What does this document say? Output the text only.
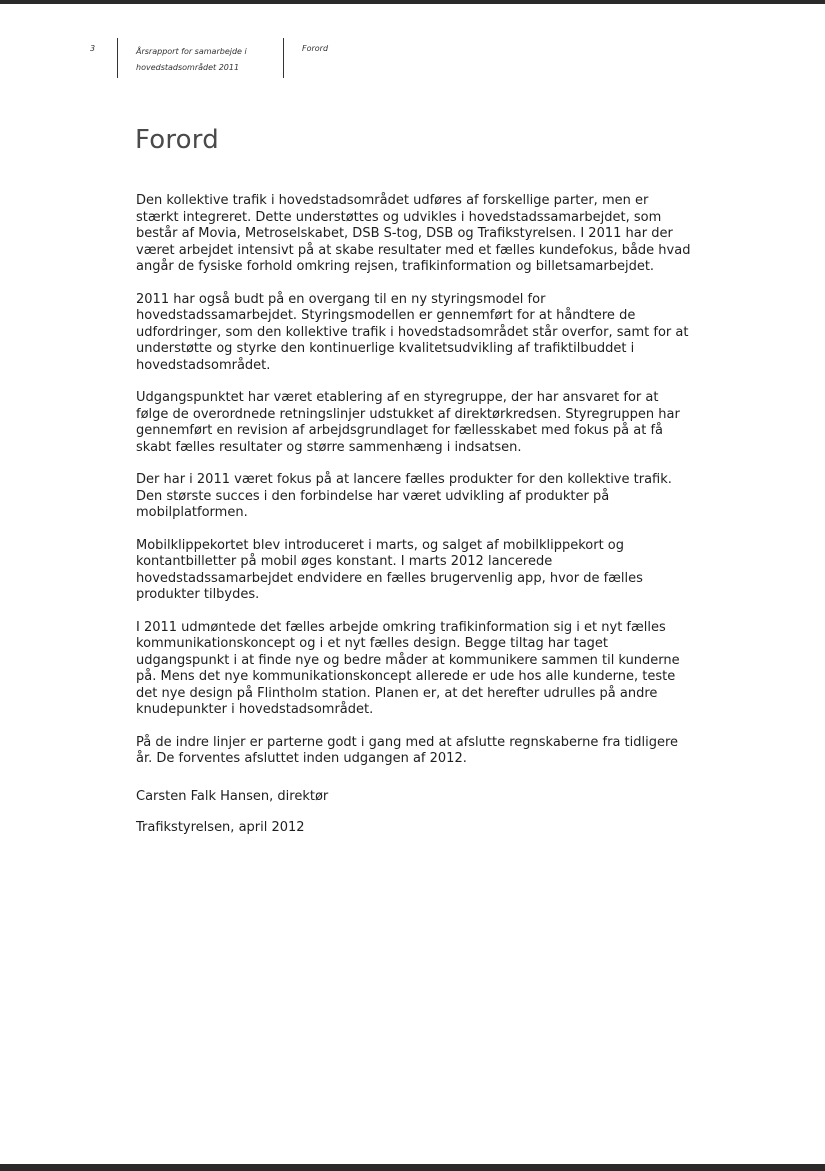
3	Årsrapport for samarbejde i
hovedstadsområdet 2011
Forord
Forord

Den kollektive trafik i hovedstadsområdet udføres af forskellige parter, men er stærkt integreret. Dette understøttes og udvikles i hovedstadssamarbejdet, som består af Movia, Metroselskabet, DSB S-tog, DSB og Trafikstyrelsen. I 2011 har der været arbejdet intensivt på at skabe resultater med et fælles kundefokus, både hvad angår de fysiske forhold omkring rejsen, trafikinformation og billetsamarbejdet.

2011 har også budt på en overgang til en ny styringsmodel for hovedstadssamarbejdet. Styringsmodellen er gennemført for at håndtere de udfordringer, som den kollektive trafik i hovedstadsområdet står overfor, samt for at understøtte og styrke den kontinuerlige kvalitetsudvikling af trafiktilbuddet i hovedstadsområdet.

Udgangspunktet har været etablering af en styregruppe, der har ansvaret for at følge de overordnede retningslinjer udstukket af direktørkredsen. Styregruppen har gennemført en revision af arbejdsgrundlaget for fællesskabet med fokus på at få skabt fælles resultater og større sammenhæng i indsatsen.

Der har i 2011 været fokus på at lancere fælles produkter for den kollektive trafik. Den største succes i den forbindelse har været udvikling af produkter på mobilplatformen.

Mobilklippekortet blev introduceret i marts, og salget af mobilklippekort og kontantbilletter på mobil øges konstant. I marts 2012 lancerede hovedstadssamarbejdet endvidere en fælles brugervenlig app, hvor de fælles produkter tilbydes.

I 2011 udmøntede det fælles arbejde omkring trafikinformation sig i et nyt fælles kommunikationskoncept og i et nyt fælles design. Begge tiltag har taget udgangspunkt i at finde nye og bedre måder at kommunikere sammen til kunderne på. Mens det nye kommunikationskoncept allerede er ude hos alle kunderne, teste det nye design på Flintholm station. Planen er, at det herefter udrulles på andre knudepunkter i hovedstadsområdet.

På de indre linjer er parterne godt i gang med at afslutte regnskaberne fra tidligere år. De forventes afsluttet inden udgangen af 2012.

Carsten Falk Hansen, direktør

Trafikstyrelsen, april 2012
